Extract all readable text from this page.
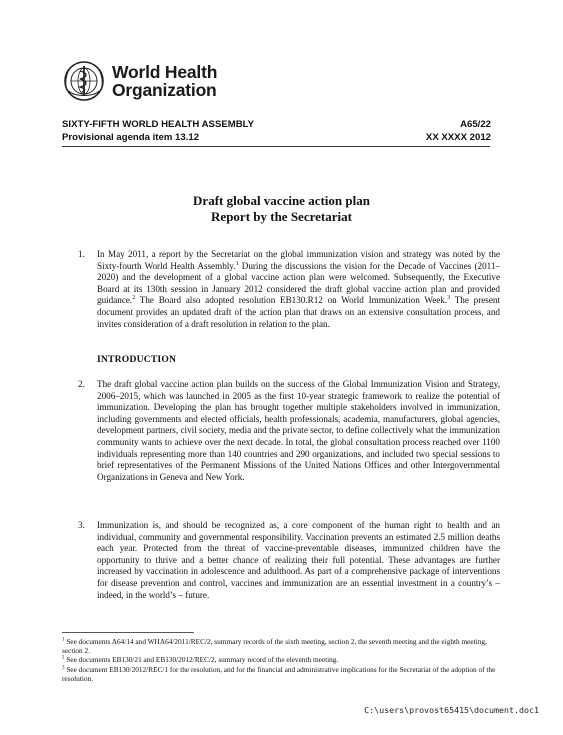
World Health
Organization
SIXTY-FIFTH WORLD HEALTH ASSEMBLY	A65/22
Provisional agenda item 13.12	XX XXXX 2012
Draft global vaccine action plan
Report by the Secretariat
1.	In May 2011, a report by the Secretariat on the global immunization vision and strategy was noted by the Sixty-fourth World Health Assembly.$^1$ During the discussions the vision for the Decade of Vaccines (2011–2020) and the development of a global vaccine action plan were welcomed. Subsequently, the Executive Board at its 130th session in January 2012 considered the draft global vaccine action plan and provided guidance.$^2$ The Board also adopted resolution EB130.R12 on World Immunization Week.$^3$ The present document provides an updated draft of the action plan that draws on an extensive consultation process, and invites consideration of a draft resolution in relation to the plan.
INTRODUCTION
2.	The draft global vaccine action plan builds on the success of the Global Immunization Vision and Strategy, 2006–2015, which was launched in 2005 as the first 10-year strategic framework to realize the potential of immunization. Developing the plan has brought together multiple stakeholders involved in immunization, including governments and elected officials, health professionals, academia, manufacturers, global agencies, development partners, civil society, media and the private sector, to define collectively what the immunization community wants to achieve over the next decade. In total, the global consultation process reached over 1100 individuals representing more than 140 countries and 290 organizations, and included two special sessions to brief representatives of the Permanent Missions of the United Nations Offices and other Intergovernmental Organizations in Geneva and New York.
3.	Immunization is, and should be recognized as, a core component of the human right to health and an individual, community and governmental responsibility. Vaccination prevents an estimated 2.5 million deaths each year. Protected from the threat of vaccine-preventable diseases, immunized children have the opportunity to thrive and a better chance of realizing their full potential. These advantages are further increased by vaccination in adolescence and adulthood. As part of a comprehensive package of interventions for disease prevention and control, vaccines and immunization are an essential investment in a country’s – indeed, in the world’s – future.
$^1$ See documents A64/14 and WHA64/2011/REC/2, summary records of the sixth meeting, section 2, the seventh meeting and the eighth meeting, section 2.
$^2$ See documents EB130/21 and EB130/2012/REC/2, summary record of the eleventh meeting.
$^3$ See document EB130/2012/REC/1 for the resolution, and for the financial and administrative implications for the Secretariat of the adoption of the resolution.
C:\users\provost65415\document.doc1
